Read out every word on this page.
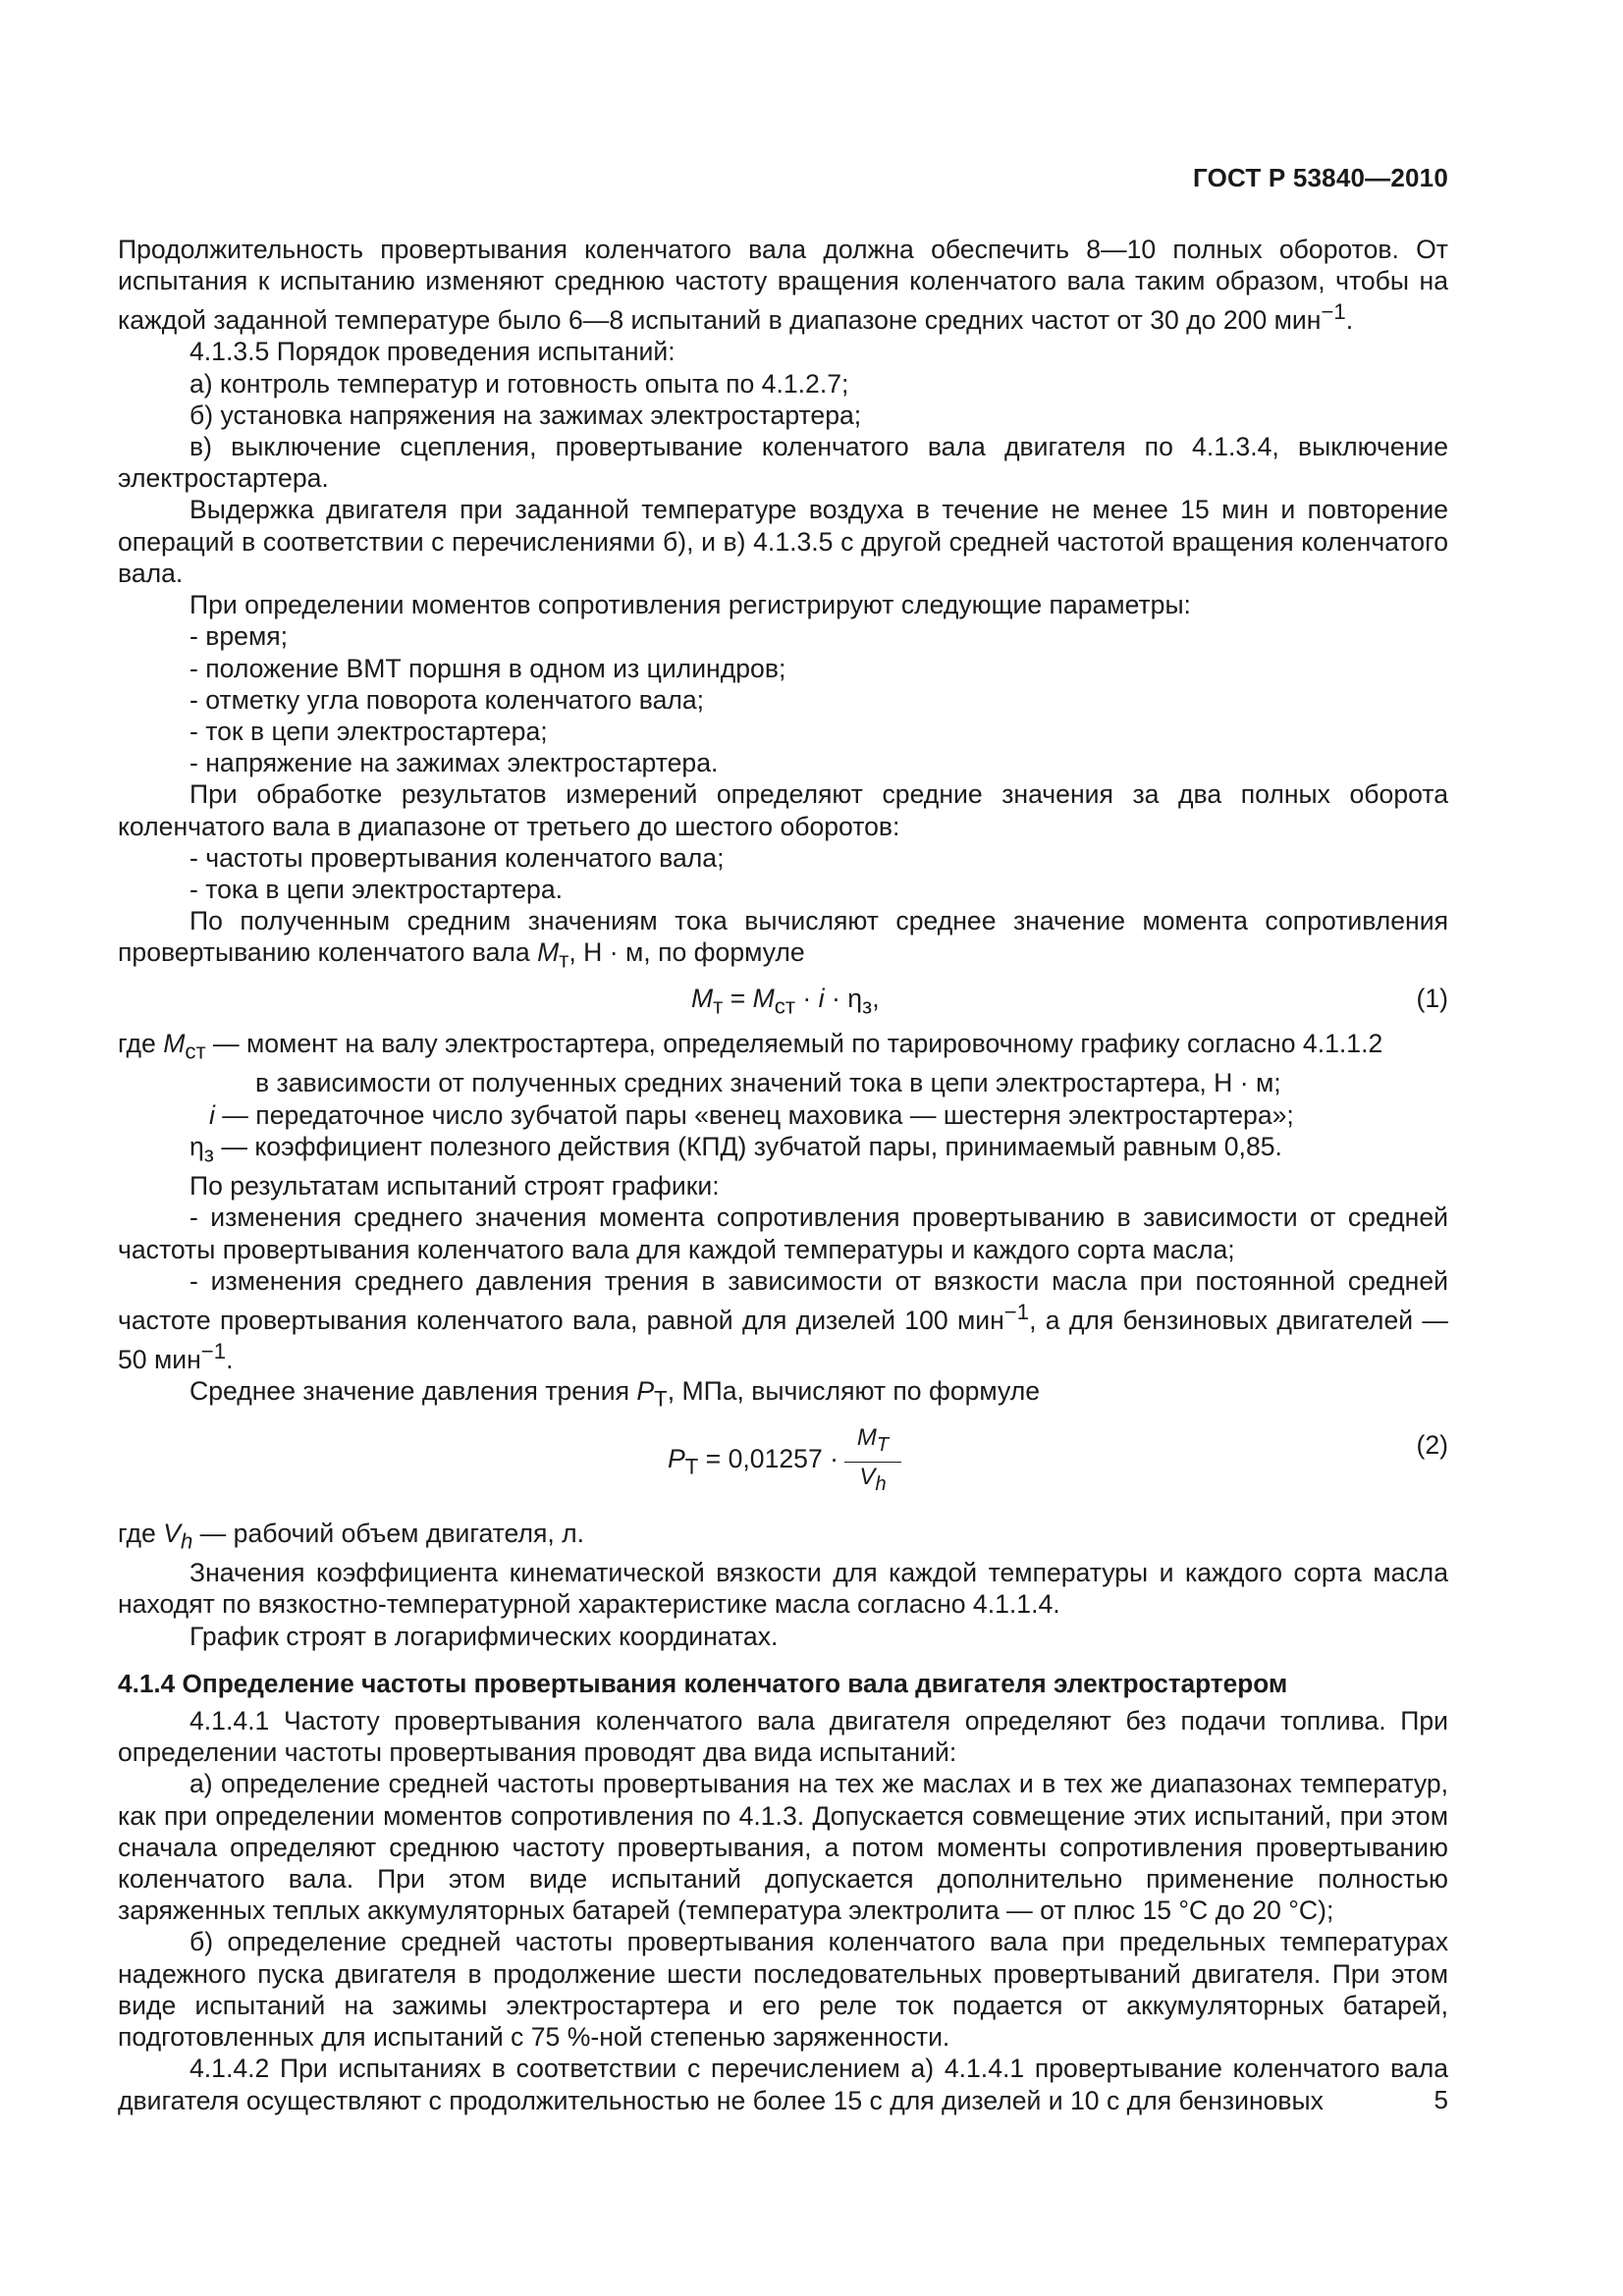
ГОСТ Р 53840—2010

Продолжительность провертывания коленчатого вала должна обеспечить 8—10 полных оборотов. От испытания к испытанию изменяют среднюю частоту вращения коленчатого вала таким образом, чтобы на каждой заданной температуре было 6—8 испытаний в диапазоне средних частот от 30 до 200 мин$^{-1}$.

4.1.3.5 Порядок проведения испытаний:

а) контроль температур и готовность опыта по 4.1.2.7;

б) установка напряжения на зажимах электростартера;

в) выключение сцепления, провертывание коленчатого вала двигателя по 4.1.3.4, выключение электростартера.

Выдержка двигателя при заданной температуре воздуха в течение не менее 15 мин и повторение операций в соответствии с перечислениями б), и в) 4.1.3.5 с другой средней частотой вращения коленчатого вала.

При определении моментов сопротивления регистрируют следующие параметры:

- время;

- положение ВМТ поршня в одном из цилиндров;

- отметку угла поворота коленчатого вала;

- ток в цепи электростартера;

- напряжение на зажимах электростартера.

При обработке результатов измерений определяют средние значения за два полных оборота коленчатого вала в диапазоне от третьего до шестого оборотов:

- частоты провертывания коленчатого вала;

- тока в цепи электростартера.

По полученным средним значениям тока вычисляют среднее значение момента сопротивления провертыванию коленчатого вала $M_т$, Н · м, по формуле

$M_т = M_{ст} \cdot i \cdot \eta_з$,	(1)

где $M_{ст}$ — момент на валу электростартера, определяемый по тарировочному графику согласно 4.1.1.2

в зависимости от полученных средних значений тока в цепи электростартера, Н · м;

i — передаточное число зубчатой пары «венец маховика — шестерня электростартера»;

$\eta_з$ — коэффициент полезного действия (КПД) зубчатой пары, принимаемый равным 0,85.

По результатам испытаний строят графики:

- изменения среднего значения момента сопротивления провертыванию в зависимости от средней частоты провертывания коленчатого вала для каждой температуры и каждого сорта масла;

- изменения среднего давления трения в зависимости от вязкости масла при постоянной средней частоте провертывания коленчатого вала, равной для дизелей 100 мин$^{-1}$, а для бензиновых двигателей — 50 мин$^{-1}$.

Среднее значение давления трения $P_T$, МПа, вычисляют по формуле

$P_T = 0,01257 \cdot \frac{M_T}{V_h}$	(2)

где $V_h$ — рабочий объем двигателя, л.

Значения коэффициента кинематической вязкости для каждой температуры и каждого сорта масла находят по вязкостно-температурной характеристике масла согласно 4.1.1.4.

График строят в логарифмических координатах.

4.1.4 Определение частоты провертывания коленчатого вала двигателя электростартером

4.1.4.1 Частоту провертывания коленчатого вала двигателя определяют без подачи топлива. При определении частоты провертывания проводят два вида испытаний:

а) определение средней частоты провертывания на тех же маслах и в тех же диапазонах температур, как при определении моментов сопротивления по 4.1.3. Допускается совмещение этих испытаний, при этом сначала определяют среднюю частоту провертывания, а потом моменты сопротивления провертыванию коленчатого вала. При этом виде испытаний допускается дополнительно применение полностью заряженных теплых аккумуляторных батарей (температура электролита — от плюс 15 °C до 20 °C);

б) определение средней частоты провертывания коленчатого вала при предельных температурах надежного пуска двигателя в продолжение шести последовательных провертываний двигателя. При этом виде испытаний на зажимы электростартера и его реле ток подается от аккумуляторных батарей, подготовленных для испытаний с 75 %-ной степенью заряженности.

4.1.4.2 При испытаниях в соответствии с перечислением а) 4.1.4.1 провертывание коленчатого вала двигателя осуществляют с продолжительностью не более 15 с для дизелей и 10 с для бензиновых	5
